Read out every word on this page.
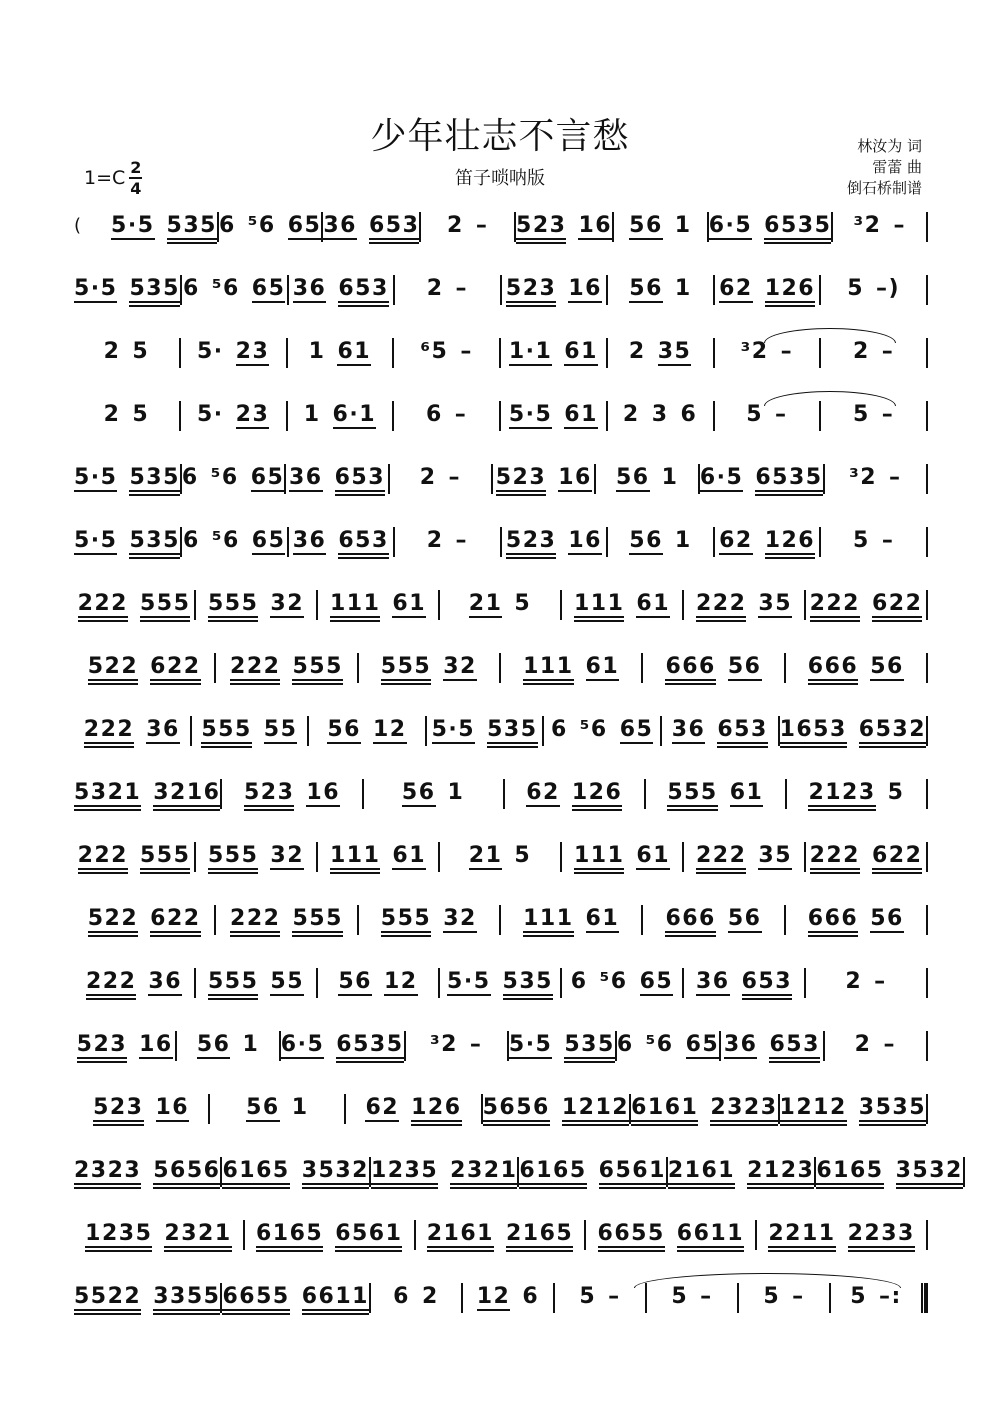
少年壮志不言愁
笛子唢呐版
林汝为 词
雷蕾 曲
倒石桥制谱
1=C 2
4
( 5·5 535 6 ⁵6 65 36 653 2 – 523 16 56 1 6·5 6535 ³2 –
5·5 535 6 ⁵6 65 36 653 2 – 523 16 56 1 62 126 5 –)
2 5 5· 23 1 61 ⁶5 – 1·1 61 2 35 ³2 –	2 –
2 5 5· 23 1 6·1 6 – 5·5 61 2 3 6 5 –	5 –
5·5 535 6 ⁵6 65 36 653 2 – 523 16 56 1 6·5 6535 ³2 –
5·5 535 6 ⁵6 65 36 653 2 – 523 16 56 1 62 126 5 –
222 555 555 32 111 61 21 5 111 61 222 35 222 622
522 622 222 555 555 32 111 61 666 56 666 56
222 36 555 55 56 12 5·5 535 6 ⁵6 65 36 653 1653 6532
5321 3216 523 16	56 1	62 126 555 61 2123 5
222 555 555 32 111 61 21 5 111 61 222 35 222 622
522 622 222 555 555 32 111 61 666 56 666 56
222 36 555 55 56 12 5·5 535 6 ⁵6 65 36 653 2 –
523 16 56 1 6·5 6535 ³2 – 5·5 535 6 ⁵6 65 36 653 2 –
523 16	56 1	62 126 5656 1212 6161 2323 1212 3535
2323 5656 6165 3532 1235 2321 6165 6561 2161 2123 6165 3532
1235 2321 6165 6561 2161 2165 6655 6611 2211 2233
5522 3355 6655 6611 6 2 12 6 5 – 5 – 5 – 5 –:
